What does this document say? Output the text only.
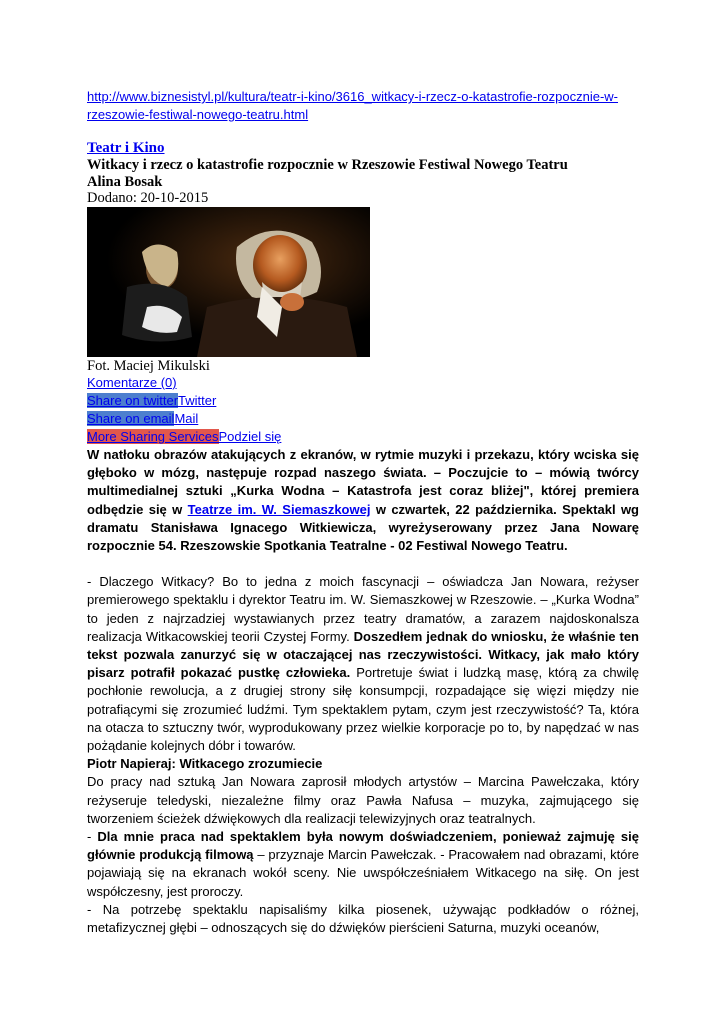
http://www.biznesistyl.pl/kultura/teatr-i-kino/3616_witkacy-i-rzecz-o-katastrofie-rozpocznie-w-rzeszowie-festiwal-nowego-teatru.html
Teatr i Kino
Witkacy i rzecz o katastrofie rozpocznie w Rzeszowie Festiwal Nowego Teatru
Alina Bosak
Dodano: 20-10-2015
Fot. Maciej Mikulski
Komentarze (0)
Share on twitterTwitter
Share on emailMail
More Sharing ServicesPodziel się

W natłoku obrazów atakujących z ekranów, w rytmie muzyki i przekazu, który wciska się głęboko w mózg, następuje rozpad naszego świata. – Poczujcie to – mówią twórcy multimedialnej sztuki „Kurka Wodna – Katastrofa jest coraz bliżej", której premiera odbędzie się w Teatrze im. W. Siemaszkowej w czwartek, 22 października. Spektakl wg dramatu Stanisława Ignacego Witkiewicza, wyreżyserowany przez Jana Nowarę rozpocznie 54. Rzeszowskie Spotkania Teatralne - 02 Festiwal Nowego Teatru.

- Dlaczego Witkacy? Bo to jedna z moich fascynacji – oświadcza Jan Nowara, reżyser premierowego spektaklu i dyrektor Teatru im. W. Siemaszkowej w Rzeszowie. – „Kurka Wodna” to jeden z najrzadziej wystawianych przez teatry dramatów, a zarazem najdoskonalsza realizacja Witkacowskiej teorii Czystej Formy. Doszedłem jednak do wniosku, że właśnie ten tekst pozwala zanurzyć się w otaczającej nas rzeczywistości. Witkacy, jak mało który pisarz potrafił pokazać pustkę człowieka. Portretuje świat i ludzką masę, którą za chwilę pochłonie rewolucja, a z drugiej strony siłę konsumpcji, rozpadające się więzi między nie potrafiącymi się zrozumieć ludźmi. Tym spektaklem pytam, czym jest rzeczywistość? Ta, która na otacza to sztuczny twór, wyprodukowany przez wielkie korporacje po to, by napędzać w nas pożądanie kolejnych dóbr i towarów.

Piotr Napieraj: Witkacego zrozumiecie

Do pracy nad sztuką Jan Nowara zaprosił młodych artystów – Marcina Pawełczaka, który reżyseruje teledyski, niezależne filmy oraz Pawła Nafusa – muzyka, zajmującego się tworzeniem ścieżek dźwiękowych dla realizacji telewizyjnych oraz teatralnych.

- Dla mnie praca nad spektaklem była nowym doświadczeniem, ponieważ zajmuję się głównie produkcją filmową – przyznaje Marcin Pawełczak. - Pracowałem nad obrazami, które pojawiają się na ekranach wokół sceny. Nie uwspółcześniałem Witkacego na siłę. On jest współczesny, jest proroczy.

- Na potrzebę spektaklu napisaliśmy kilka piosenek, używając podkładów o różnej, metafizycznej głębi – odnoszących się do dźwięków pierścieni Saturna, muzyki oceanów,
